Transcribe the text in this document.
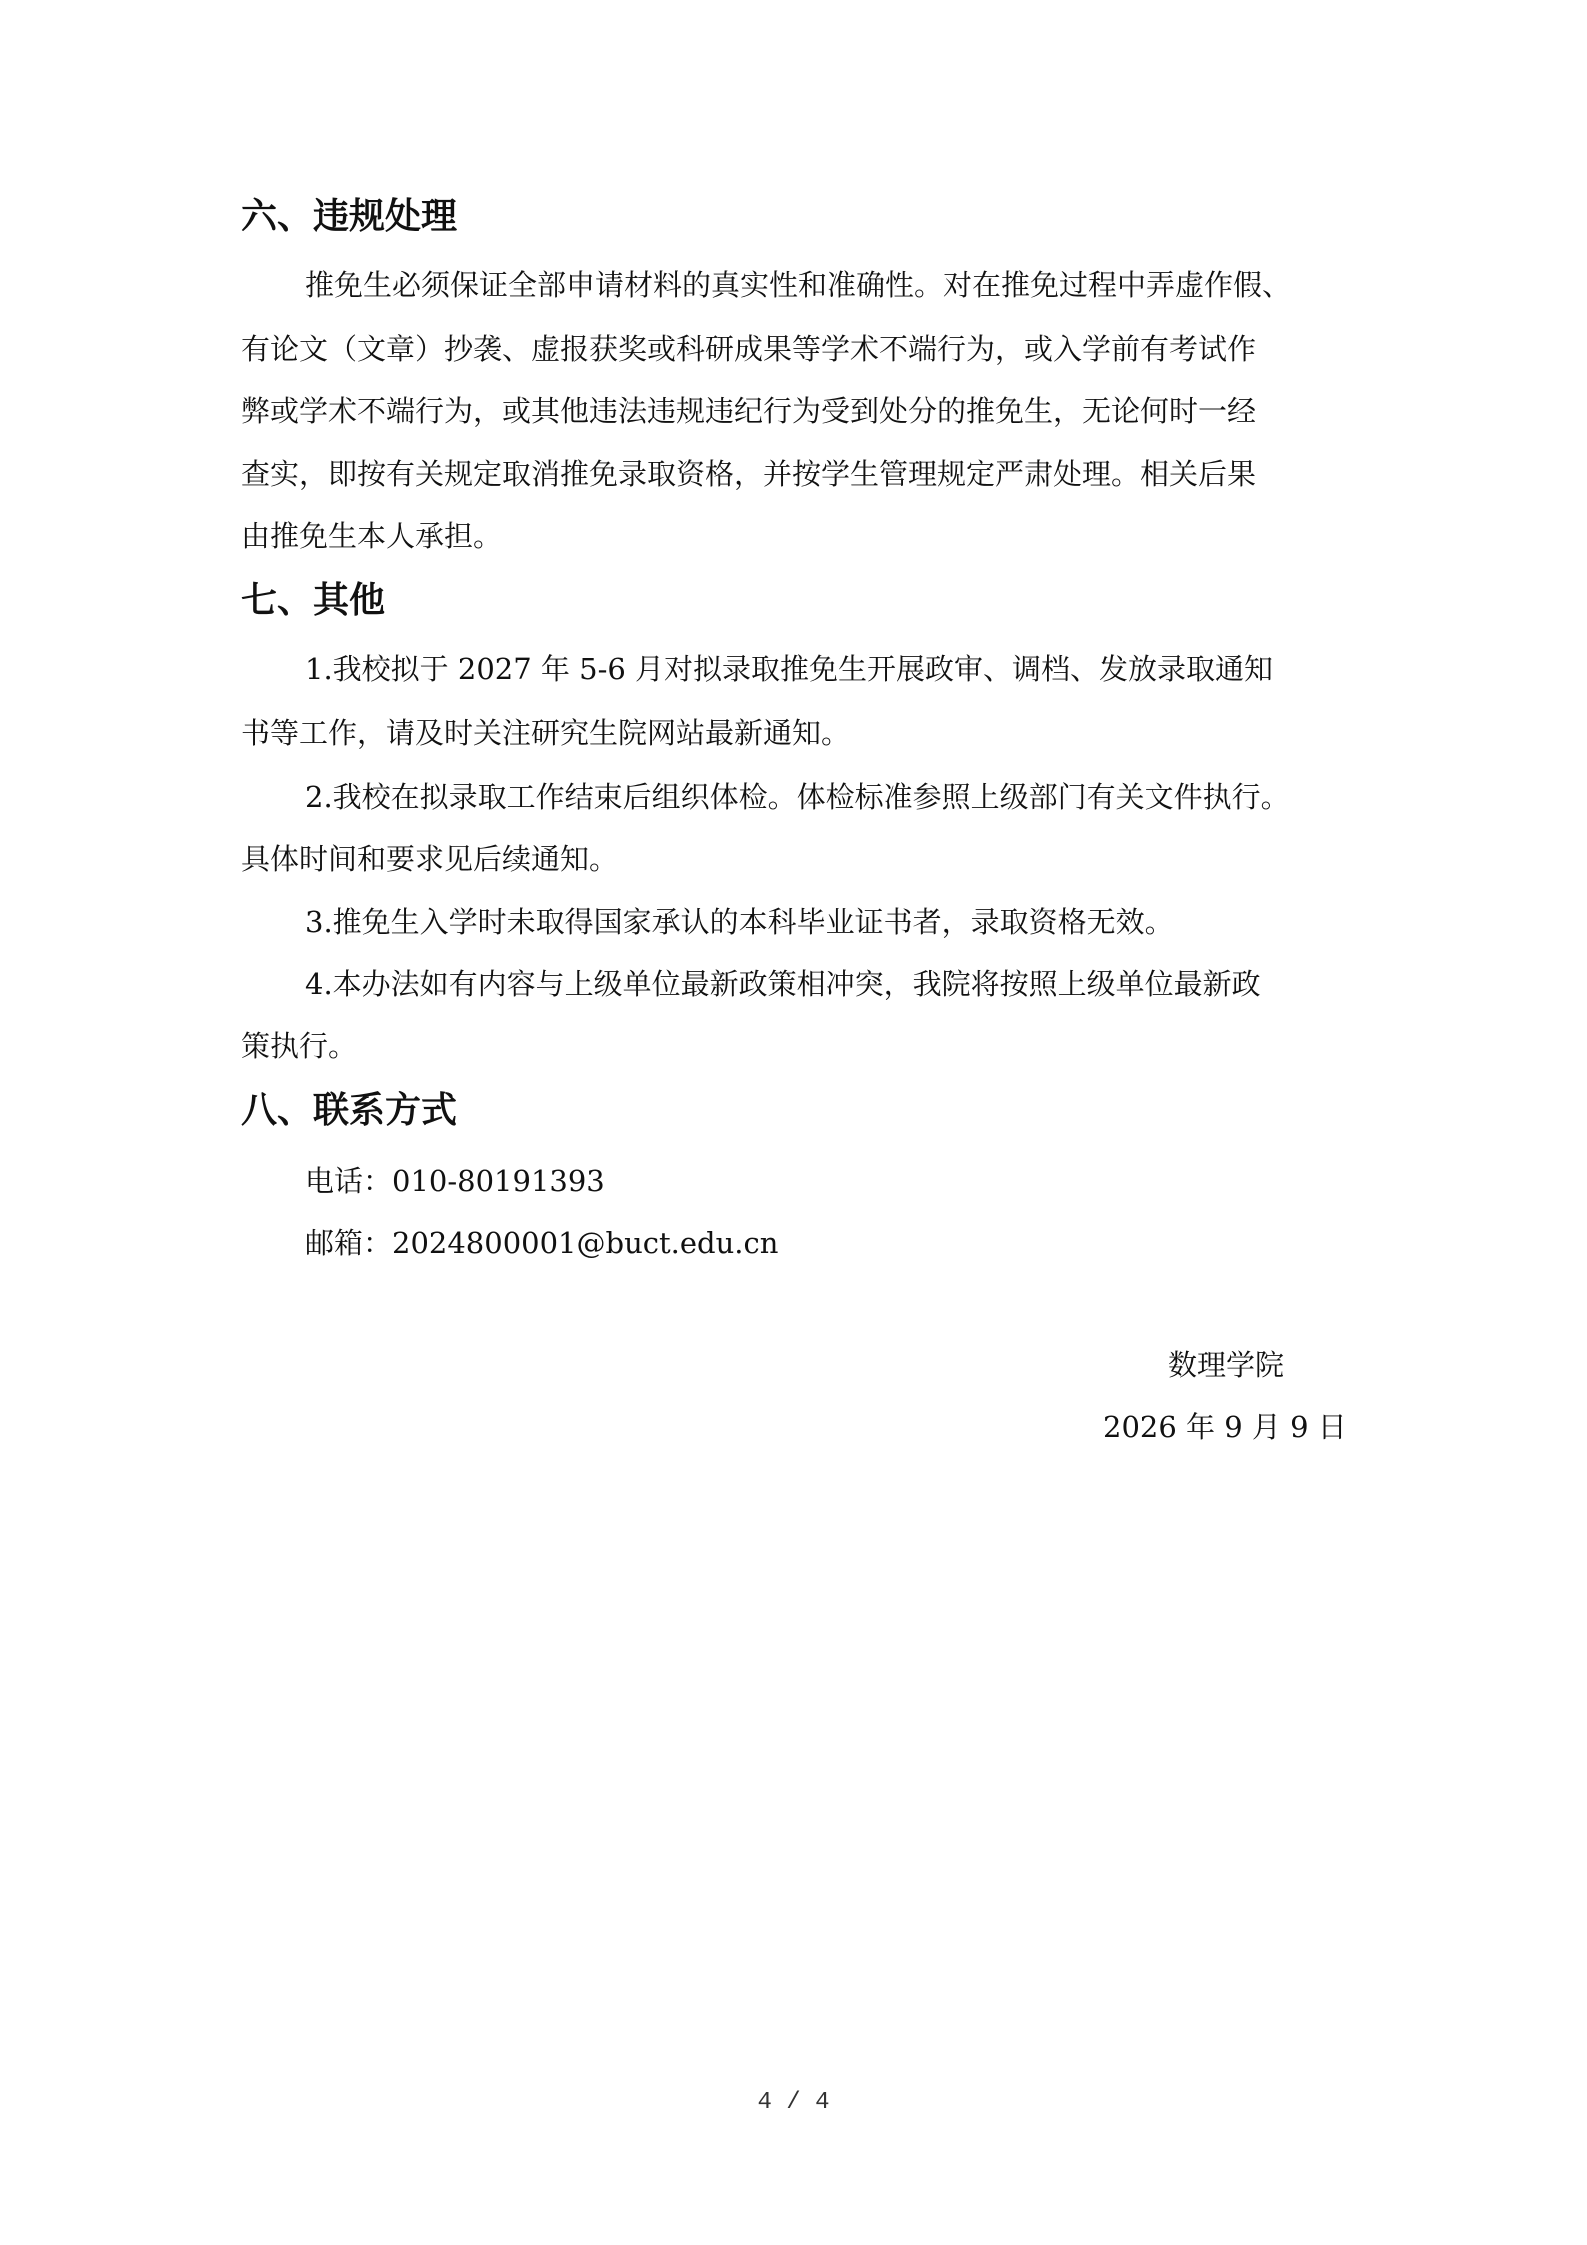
六、违规处理
推免生必须保证全部申请材料的真实性和准确性。对在推免过程中弄虚作假、
有论文（文章）抄袭、虚报获奖或科研成果等学术不端行为，或入学前有考试作
弊或学术不端行为，或其他违法违规违纪行为受到处分的推免生，无论何时一经
查实，即按有关规定取消推免录取资格，并按学生管理规定严肃处理。相关后果
由推免生本人承担。
七、其他
1.我校拟于 2027 年 5-6 月对拟录取推免生开展政审、调档、发放录取通知
书等工作，请及时关注研究生院网站最新通知。
2.我校在拟录取工作结束后组织体检。体检标准参照上级部门有关文件执行。
具体时间和要求见后续通知。
3.推免生入学时未取得国家承认的本科毕业证书者，录取资格无效。
4.本办法如有内容与上级单位最新政策相冲突，我院将按照上级单位最新政
策执行。
八、联系方式
电话：010-80191393
邮箱：2024800001@buct.edu.cn
数理学院
2026 年 9 月 9 日
4 / 4
